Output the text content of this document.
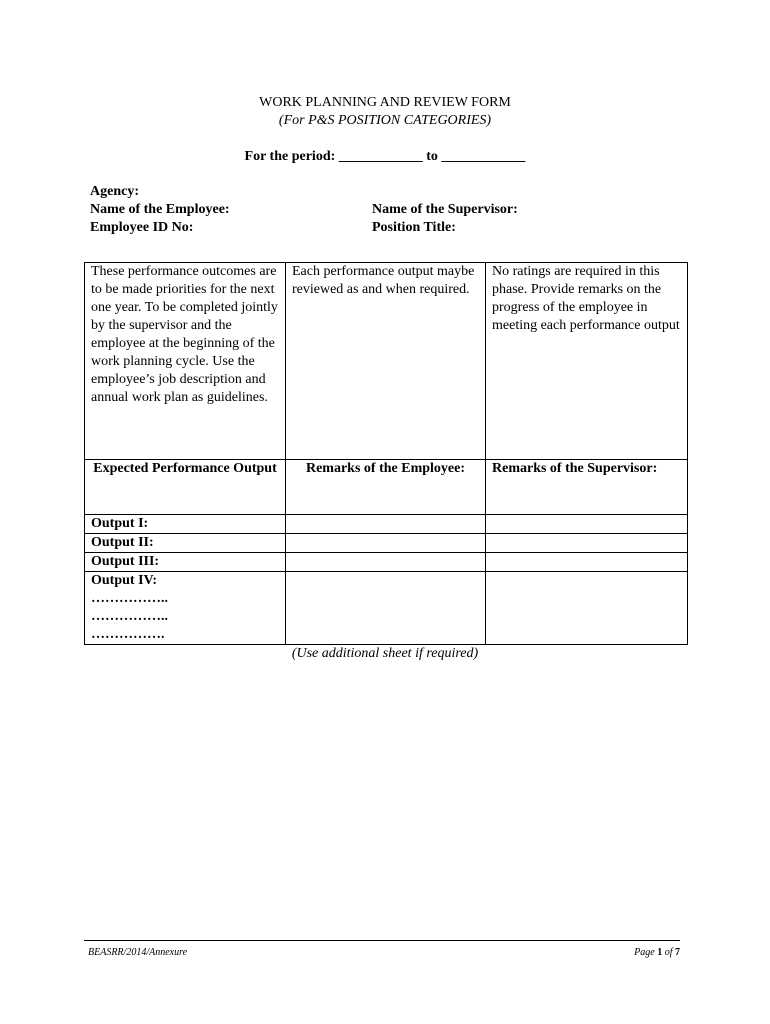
WORK PLANNING AND REVIEW FORM
(For P&S POSITION CATEGORIES)
For the period: ____________ to ____________
Agency:
Name of the Employee:
Employee ID No:
Name of the Supervisor:
Position Title:
These performance outcomes are to be made priorities for the next one year. To be completed jointly by the supervisor and the employee at the beginning of the work planning cycle. Use the employee’s job description and annual work plan as guidelines.	Each performance output maybe reviewed as and when required.	No ratings are required in this phase. Provide remarks on the progress of the employee in meeting each performance output
Expected Performance Output	Remarks of the Employee:	Remarks of the Supervisor:
Output I:		
Output II:		
Output III:		

Output IV:
……………..
……………..
…………….		

(Use additional sheet if required)
BEASRR/2014/Annexure	Page 1 of 7
